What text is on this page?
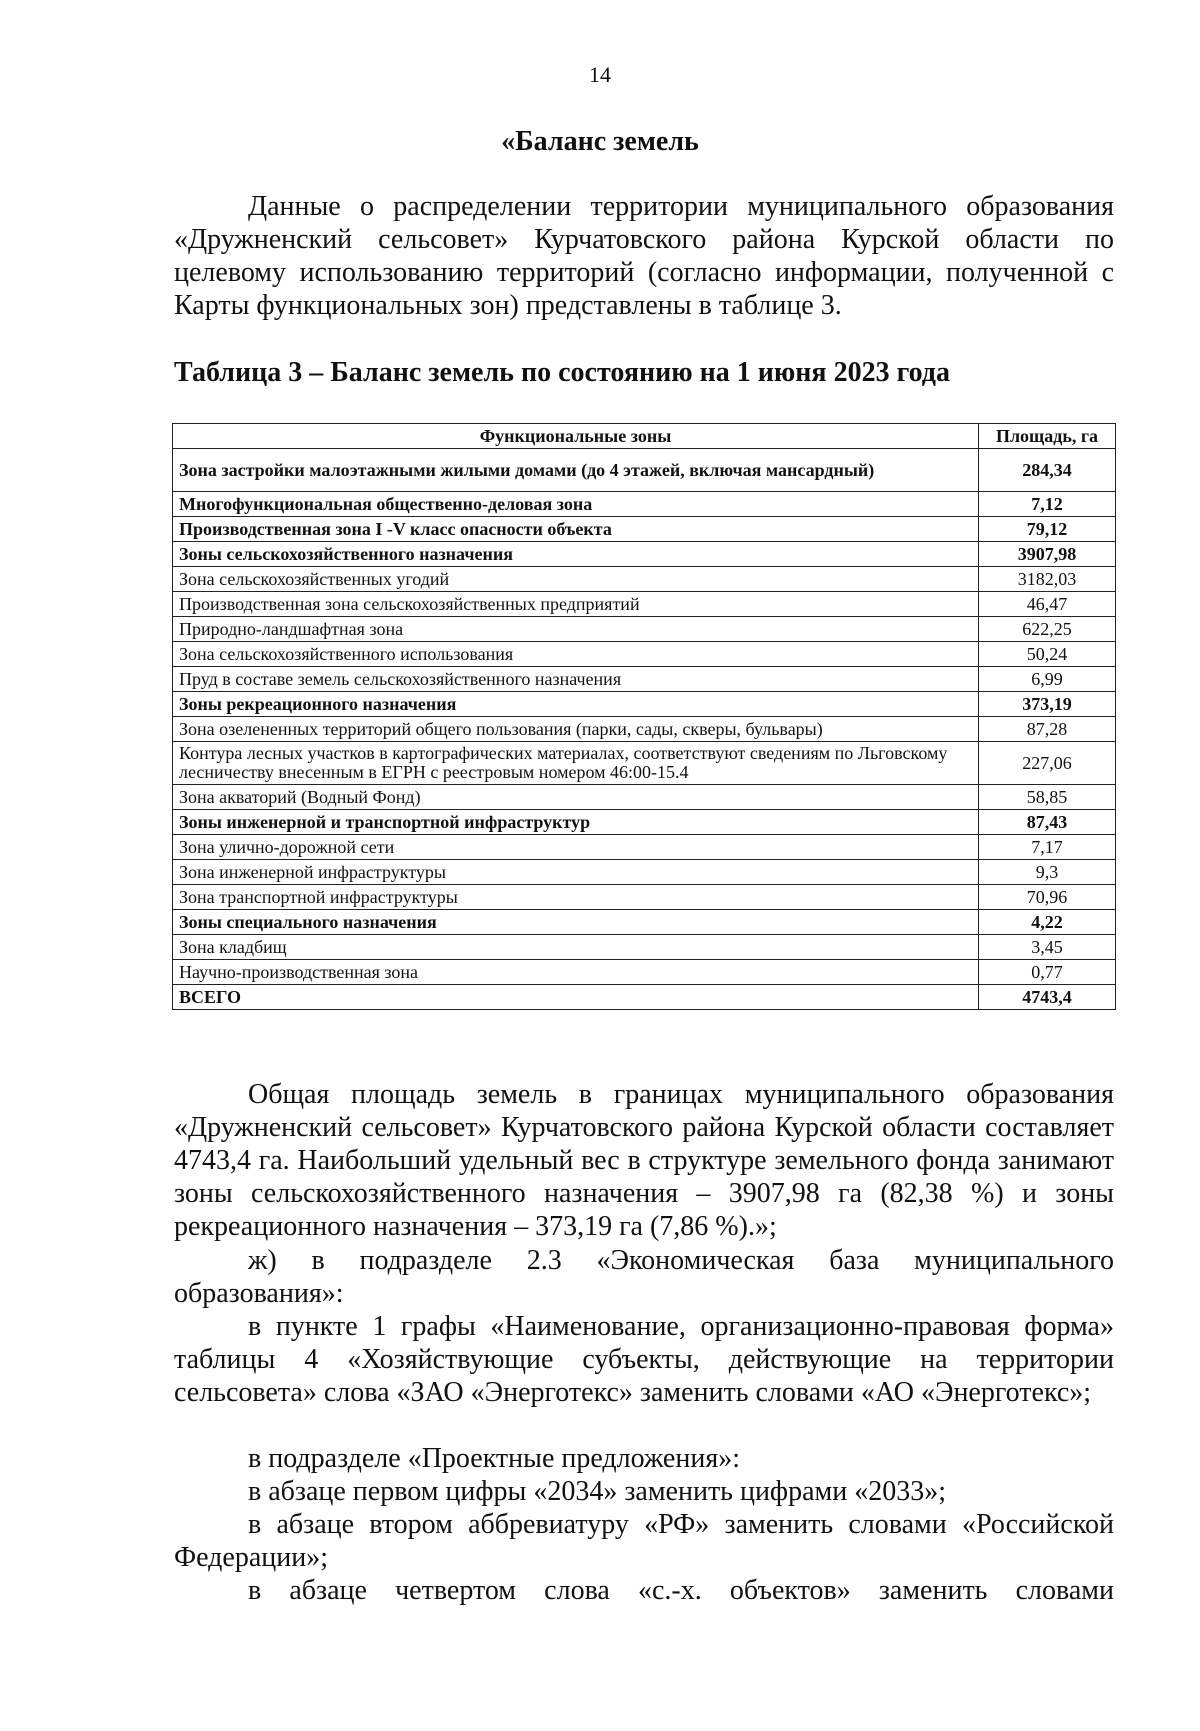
14
«Баланс земель

Данные о распределении территории муниципального образования «Дружненский сельсовет» Курчатовского района Курской области по целевому использованию территорий (согласно информации, полученной с Карты функциональных зон) представлены в таблице 3.

Таблица 3 – Баланс земель по состоянию на 1 июня 2023 года
Функциональные зоны	Площадь, га
Зона застройки малоэтажными жилыми домами (до 4 этажей, включая мансардный)	284,34
Многофункциональная общественно-деловая зона	7,12
Производственная зона I -V класс опасности объекта	79,12
Зоны сельскохозяйственного назначения	3907,98
Зона сельскохозяйственных угодий	3182,03
Производственная зона сельскохозяйственных предприятий	46,47
Природно-ландшафтная зона	622,25
Зона сельскохозяйственного использования	50,24
Пруд в составе земель сельскохозяйственного назначения	6,99
Зоны рекреационного назначения	373,19
Зона озелененных территорий общего пользования (парки, сады, скверы, бульвары)	87,28
Контура лесных участков в картографических материалах, соответствуют сведениям по Льговскому лесничеству внесенным в ЕГРН с реестровым номером 46:00-15.4	227,06
Зона акваторий (Водный Фонд)	58,85
Зоны инженерной и транспортной инфраструктур	87,43
Зона улично-дорожной сети	7,17
Зона инженерной инфраструктуры	9,3
Зона транспортной инфраструктуры	70,96
Зоны специального назначения	4,22
Зона кладбищ	3,45
Научно-производственная зона	0,77
ВСЕГО	4743,4

Общая площадь земель в границах муниципального образования «Дружненский сельсовет» Курчатовского района Курской области составляет 4743,4 га. Наибольший удельный вес в структуре земельного фонда занимают зоны сельскохозяйственного назначения – 3907,98 га (82,38 %) и зоны рекреационного назначения – 373,19 га (7,86 %).»;

ж) в подразделе 2.3 «Экономическая база муниципального образования»:

в пункте 1 графы «Наименование, организационно-правовая форма» таблицы 4 «Хозяйствующие субъекты, действующие на территории сельсовета» слова «ЗАО «Энерготекс» заменить словами «АО «Энерготекс»;

в подразделе «Проектные предложения»:

в абзаце первом цифры «2034» заменить цифрами «2033»;

в абзаце втором аббревиатуру «РФ» заменить словами «Российской Федерации»;

в абзаце четвертом слова «с.-х. объектов» заменить словами
